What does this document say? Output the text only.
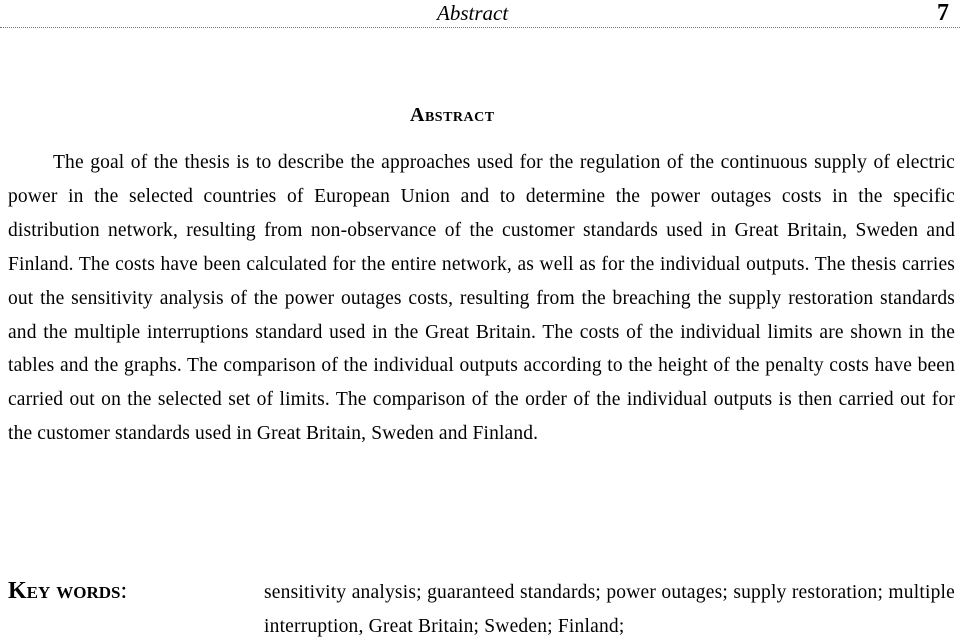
Abstract	7
Abstract

The goal of the thesis is to describe the approaches used for the regulation of the continuous supply of electric power in the selected countries of European Union and to determine the power outages costs in the specific distribution network, resulting from non-observance of the customer standards used in Great Britain, Sweden and Finland. The costs have been calculated for the entire network, as well as for the individual outputs. The thesis carries out the sensitivity analysis of the power outages costs, resulting from the breaching the supply restoration standards and the multiple interruptions standard used in the Great Britain. The costs of the individual limits are shown in the tables and the graphs. The comparison of the individual outputs according to the height of the penalty costs have been carried out on the selected set of limits. The comparison of the order of the individual outputs is then carried out for the customer standards used in Great Britain, Sweden and Finland.

Key words:	sensitivity analysis; guaranteed standards; power outages; supply restoration; multiple interruption, Great Britain; Sweden; Finland;
